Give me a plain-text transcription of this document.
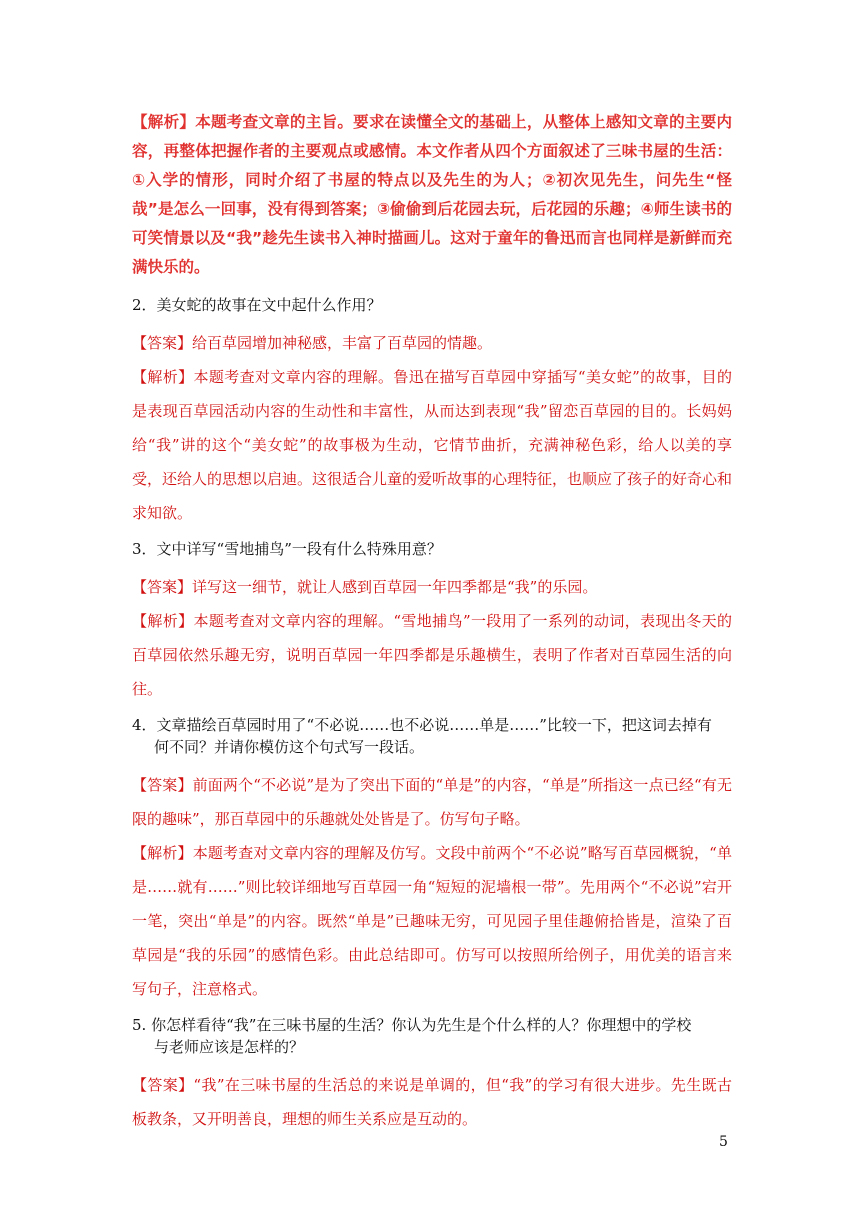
【解析】本题考查文章的主旨。要求在读懂全文的基础上，从整体上感知文章的主要内容，再整体把握作者的主要观点或感情。本文作者从四个方面叙述了三味书屋的生活：①入学的情形，同时介绍了书屋的特点以及先生的为人；②初次见先生，问先生“怪哉”是怎么一回事，没有得到答案；③偷偷到后花园去玩，后花园的乐趣；④师生读书的可笑情景以及“我”趁先生读书入神时描画儿。这对于童年的鲁迅而言也同样是新鲜而充满快乐的。
2．美女蛇的故事在文中起什么作用？
【答案】给百草园增加神秘感，丰富了百草园的情趣。
【解析】本题考查对文章内容的理解。鲁迅在描写百草园中穿插写“美女蛇”的故事，目的是表现百草园活动内容的生动性和丰富性，从而达到表现“我”留恋百草园的目的。长妈妈给“我”讲的这个“美女蛇”的故事极为生动，它情节曲折，充满神秘色彩，给人以美的享受，还给人的思想以启迪。这很适合儿童的爱听故事的心理特征，也顺应了孩子的好奇心和求知欲。
3．文中详写“雪地捕鸟”一段有什么特殊用意？
【答案】详写这一细节，就让人感到百草园一年四季都是“我”的乐园。
【解析】本题考查对文章内容的理解。“雪地捕鸟”一段用了一系列的动词，表现出冬天的百草园依然乐趣无穷，说明百草园一年四季都是乐趣横生，表明了作者对百草园生活的向往。
4．文章描绘百草园时用了“不必说……也不必说……单是……”比较一下，把这词去掉有
何不同？并请你模仿这个句式写一段话。
【答案】前面两个“不必说”是为了突出下面的“单是”的内容，“单是”所指这一点已经“有无限的趣味”，那百草园中的乐趣就处处皆是了。仿写句子略。
【解析】本题考查对文章内容的理解及仿写。文段中前两个“不必说”略写百草园概貌，“单是……就有……”则比较详细地写百草园一角“短短的泥墙根一带”。先用两个“不必说”宕开一笔，突出“单是”的内容。既然“单是”已趣味无穷，可见园子里佳趣俯拾皆是，渲染了百草园是“我的乐园”的感情色彩。由此总结即可。仿写可以按照所给例子，用优美的语言来写句子，注意格式。
5. 你怎样看待“我”在三味书屋的生活？你认为先生是个什么样的人？你理想中的学校
与老师应该是怎样的？
【答案】“我”在三味书屋的生活总的来说是单调的，但“我”的学习有很大进步。先生既古板教条，又开明善良，理想的师生关系应是互动的。
5
